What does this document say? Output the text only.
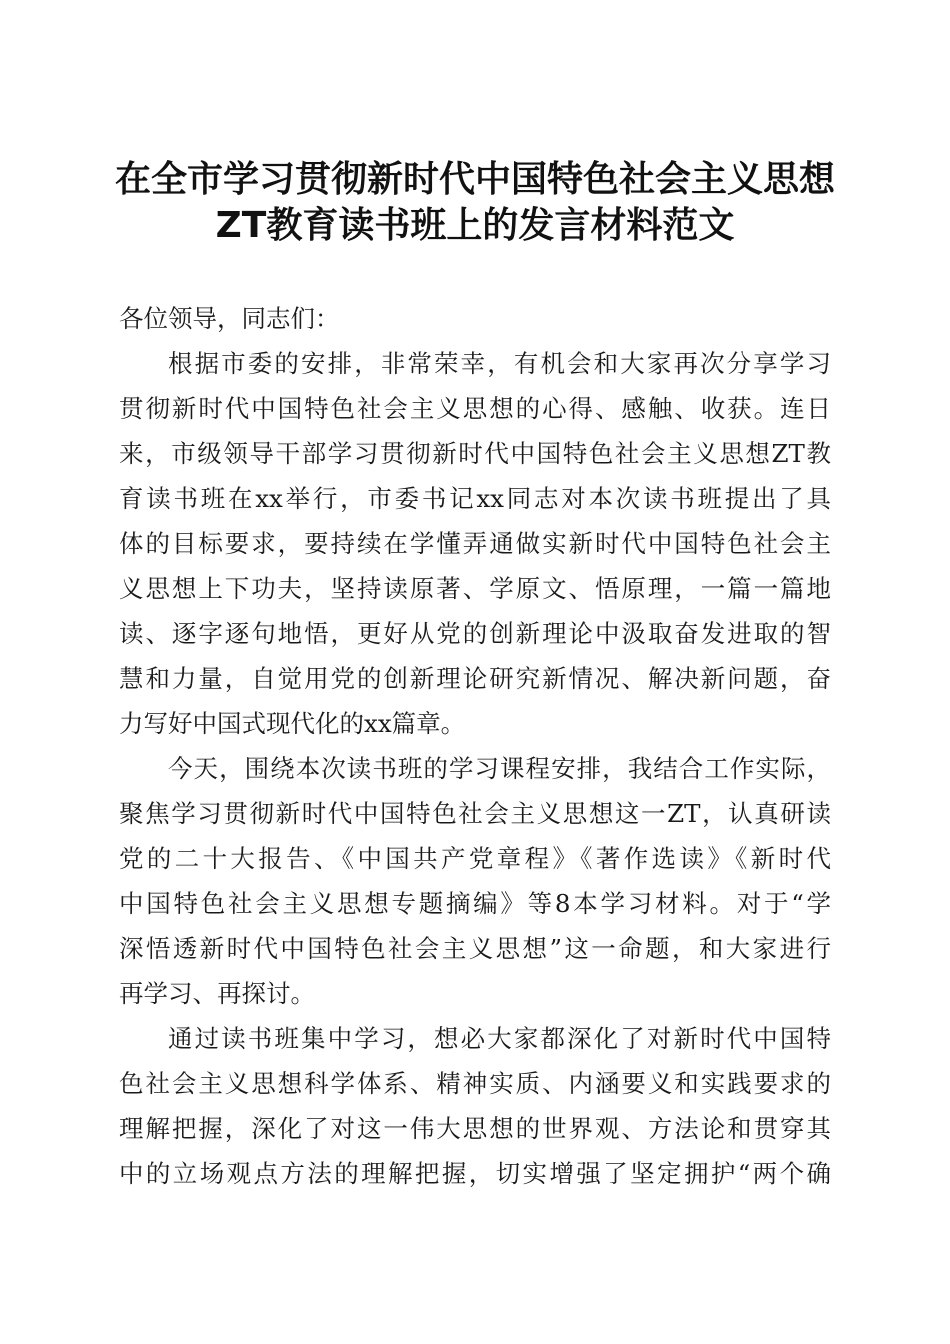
在全市学习贯彻新时代中国特色社会主义思想
ZT教育读书班上的发言材料范文

各位领导，同志们：

根据市委的安排，非常荣幸，有机会和大家再次分享学习

贯彻新时代中国特色社会主义思想的心得、感触、收获。连日

来，市级领导干部学习贯彻新时代中国特色社会主义思想ZT教

育读书班在xx举行，市委书记xx同志对本次读书班提出了具

体的目标要求，要持续在学懂弄通做实新时代中国特色社会主

义思想上下功夫，坚持读原著、学原文、悟原理，一篇一篇地

读、逐字逐句地悟，更好从党的创新理论中汲取奋发进取的智

慧和力量，自觉用党的创新理论研究新情况、解决新问题，奋

力写好中国式现代化的xx篇章。

今天，围绕本次读书班的学习课程安排，我结合工作实际，

聚焦学习贯彻新时代中国特色社会主义思想这一ZT，认真研读

党的二十大报告、《中国共产党章程》《著作选读》《新时代

中国特色社会主义思想专题摘编》等8本学习材料。对于“学

深悟透新时代中国特色社会主义思想”这一命题，和大家进行

再学习、再探讨。

通过读书班集中学习，想必大家都深化了对新时代中国特

色社会主义思想科学体系、精神实质、内涵要义和实践要求的

理解把握，深化了对这一伟大思想的世界观、方法论和贯穿其

中的立场观点方法的理解把握，切实增强了坚定拥护“两个确
